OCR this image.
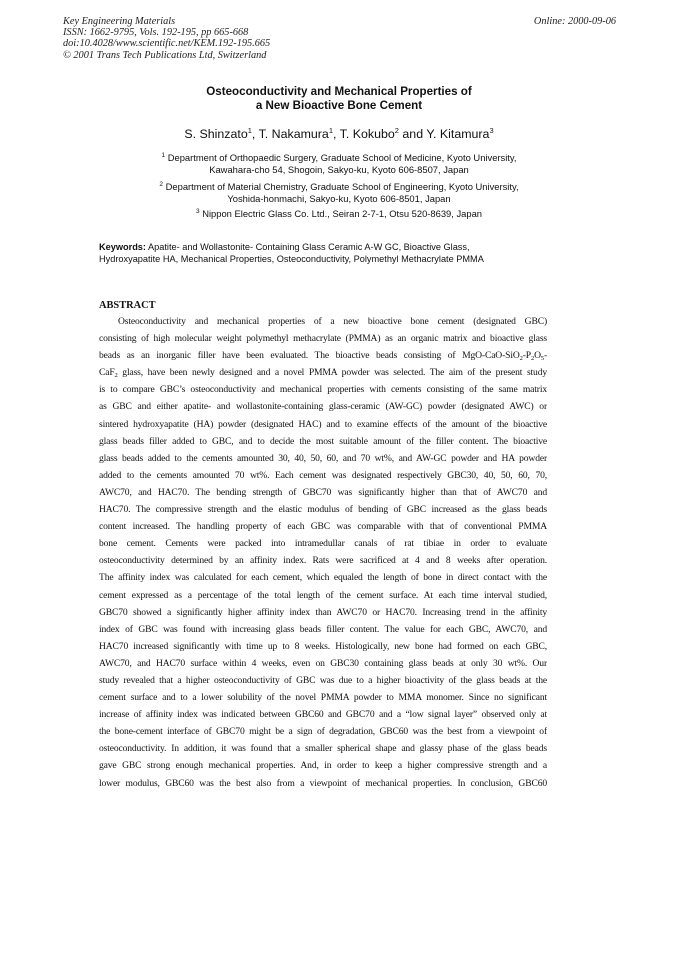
Key Engineering Materials
ISSN: 1662-9795, Vols. 192-195, pp 665-668
doi:10.4028/www.scientific.net/KEM.192-195.665
© 2001 Trans Tech Publications Ltd, Switzerland
Online: 2000-09-06
Osteoconductivity and Mechanical Properties of
a New Bioactive Bone Cement
S. Shinzato$^1$, T. Nakamura$^1$, T. Kokubo$^2$ and Y. Kitamura$^3$
$^1$ Department of Orthopaedic Surgery, Graduate School of Medicine, Kyoto University,
Kawahara-cho 54, Shogoin, Sakyo-ku, Kyoto 606-8507, Japan
$^2$ Department of Material Chemistry, Graduate School of Engineering, Kyoto University,
Yoshida-honmachi, Sakyo-ku, Kyoto 606-8501, Japan
$^3$ Nippon Electric Glass Co. Ltd., Seiran 2-7-1, Otsu 520-8639, Japan
Keywords: Apatite- and Wollastonite- Containing Glass Ceramic A-W GC, Bioactive Glass,
Hydroxyapatite HA, Mechanical Properties, Osteoconductivity, Polymethyl Methacrylate PMMA
ABSTRACT
Osteoconductivity and mechanical properties of a new bioactive bone cement (designated GBC)
consisting of high molecular weight polymethyl methacrylate (PMMA) as an organic matrix and bioactive glass
beads as an inorganic filler have been evaluated. The bioactive beads consisting of MgO-$CaO-SiO_2-P_2O_5-$
CaF$_2$ glass, have been newly designed and a novel PMMA powder was selected. The aim of the present study
is to compare GBC’s osteoconductivity and mechanical properties with cements consisting of the same matrix
as GBC and either apatite- and wollastonite-containing glass-ceramic (AW-GC) powder (designated AWC) or
sintered hydroxyapatite (HA) powder (designated HAC) and to examine effects of the amount of the bioactive
glass beads filler added to GBC, and to decide the most suitable amount of the filler content. The bioactive
glass beads added to the cements amounted 30, 40, 50, 60, and 70 wt%, and AW-GC powder and HA powder
added to the cements amounted 70 wt%. Each cement was designated respectively GBC30, 40, 50, 60, 70,
AWC70, and HAC70. The bending strength of GBC70 was significantly higher than that of AWC70 and
HAC70. The compressive strength and the elastic modulus of bending of GBC increased as the glass beads
content increased. The handling property of each GBC was comparable with that of conventional PMMA
bone cement. Cements were packed into intramedullar canals of rat tibiae in order to evaluate
osteoconductivity determined by an affinity index. Rats were sacrificed at 4 and 8 weeks after operation.
The affinity index was calculated for each cement, which equaled the length of bone in direct contact with the
cement expressed as a percentage of the total length of the cement surface. At each time interval studied,
GBC70 showed a significantly higher affinity index than AWC70 or HAC70. Increasing trend in the affinity
index of GBC was found with increasing glass beads filler content. The value for each GBC, AWC70, and
HAC70 increased significantly with time up to 8 weeks. Histologically, new bone had formed on each GBC,
AWC70, and HAC70 surface within 4 weeks, even on GBC30 containing glass beads at only 30 wt%. Our
study revealed that a higher osteoconductivity of GBC was due to a higher bioactivity of the glass beads at the
cement surface and to a lower solubility of the novel PMMA powder to MMA monomer. Since no significant
increase of affinity index was indicated between GBC60 and GBC70 and a “low signal layer” observed only at
the bone-cement interface of GBC70 might be a sign of degradation, GBC60 was the best from a viewpoint of
osteoconductivity. In addition, it was found that a smaller spherical shape and glassy phase of the glass beads
gave GBC strong enough mechanical properties. And, in order to keep a higher compressive strength and a
lower modulus, GBC60 was the best also from a viewpoint of mechanical properties. In conclusion, GBC60
